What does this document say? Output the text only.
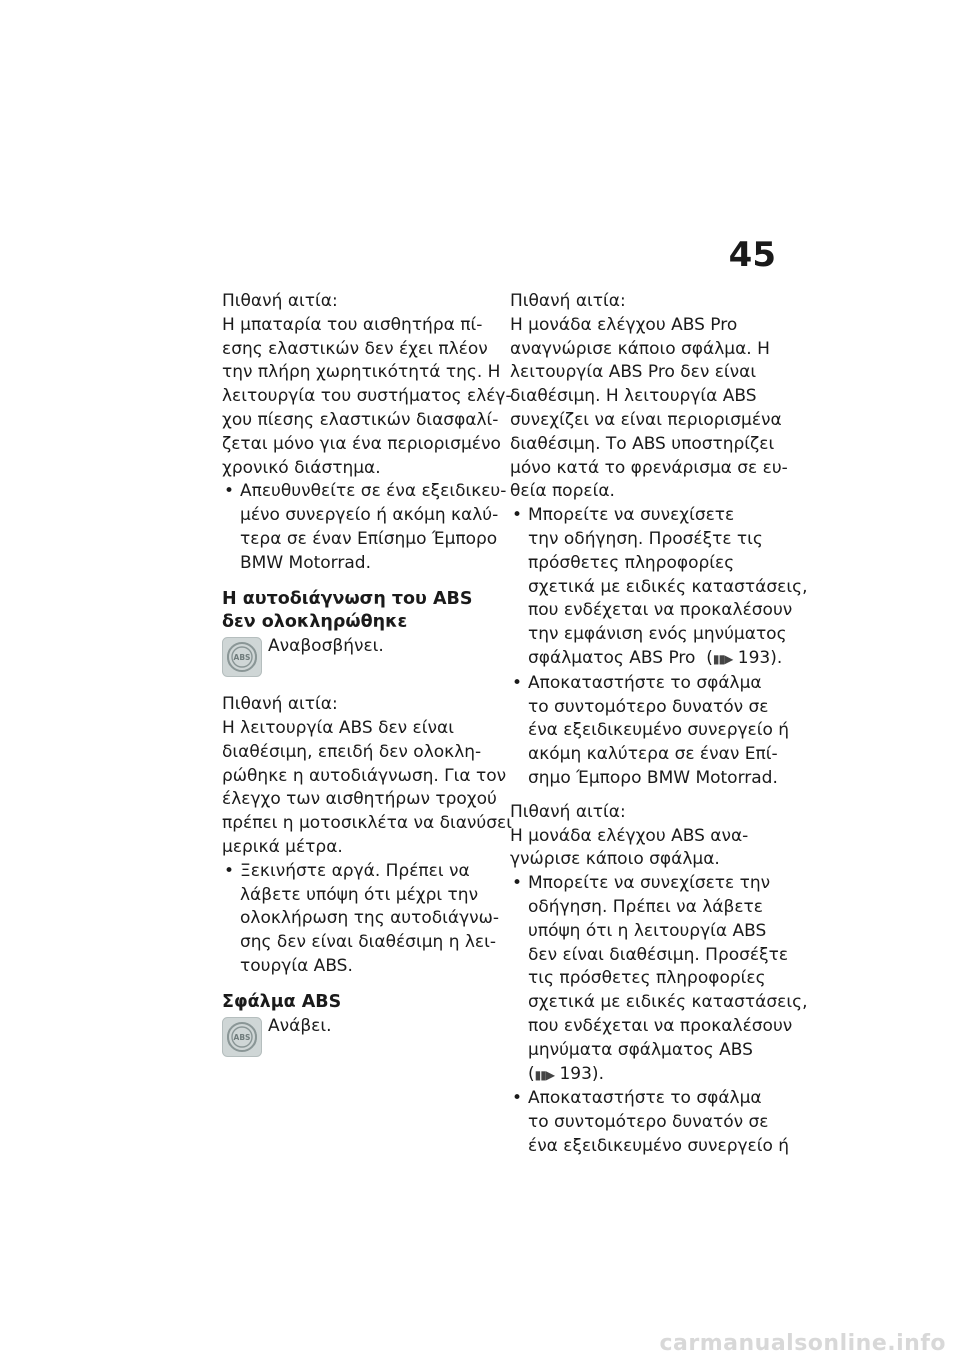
45
Πιθανή αιτία:
Η μπαταρία του αισθητήρα πί-
εσης ελαστικών δεν έχει πλέον
την πλήρη χωρητικότητά της. Η
λειτουργία του συστήματος ελέγ-
χου πίεσης ελαστικών διασφαλί-
ζεται μόνο για ένα περιορισμένο
χρονικό διάστημα.
• Απευθυνθείτε σε ένα εξειδικευ-
μένο συνεργείο ή ακόμη καλύ-
τερα σε έναν Επίσημο Έμπορο
BMW Motorrad.
Η αυτοδιάγνωση του ABS
δεν ολοκληρώθηκε
ABS
Αναβοσβήνει.
Πιθανή αιτία:
Η λειτουργία ABS δεν είναι
διαθέσιμη, επειδή δεν ολοκλη-
ρώθηκε η αυτοδιάγνωση. Για τον
έλεγχο των αισθητήρων τροχού
πρέπει η μοτοσικλέτα να διανύσει
μερικά μέτρα.
• Ξεκινήστε αργά. Πρέπει να
λάβετε υπόψη ότι μέχρι την
ολοκλήρωση της αυτοδιάγνω-
σης δεν είναι διαθέσιμη η λει-
τουργία ABS.
Σφάλμα ABS
ABS
Ανάβει.
Πιθανή αιτία:
Η μονάδα ελέγχου ABS Pro
αναγνώρισε κάποιο σφάλμα. Η
λειτουργία ABS Pro δεν είναι
διαθέσιμη. Η λειτουργία ABS
συνεχίζει να είναι περιορισμένα
διαθέσιμη. Το ABS υποστηρίζει
μόνο κατά το φρενάρισμα σε ευ-
θεία πορεία.
• Μπορείτε να συνεχίσετε
την οδήγηση. Προσέξτε τις
πρόσθετες πληροφορίες
σχετικά με ειδικές καταστάσεις,
που ενδέχεται να προκαλέσουν
την εμφάνιση ενός μηνύματος
σφάλματος ABS Pro (▮▮▶ 193).
• Αποκαταστήστε το σφάλμα
το συντομότερο δυνατόν σε
ένα εξειδικευμένο συνεργείο ή
ακόμη καλύτερα σε έναν Επί-
σημο Έμπορο BMW Motorrad.
Πιθανή αιτία:
Η μονάδα ελέγχου ABS ανα-
γνώρισε κάποιο σφάλμα.
• Μπορείτε να συνεχίσετε την
οδήγηση. Πρέπει να λάβετε
υπόψη ότι η λειτουργία ABS
δεν είναι διαθέσιμη. Προσέξτε
τις πρόσθετες πληροφορίες
σχετικά με ειδικές καταστάσεις,
που ενδέχεται να προκαλέσουν
μηνύματα σφάλματος ABS
(▮▮▶ 193).
• Αποκαταστήστε το σφάλμα
το συντομότερο δυνατόν σε
ένα εξειδικευμένο συνεργείο ή
carmanualsonline.info
